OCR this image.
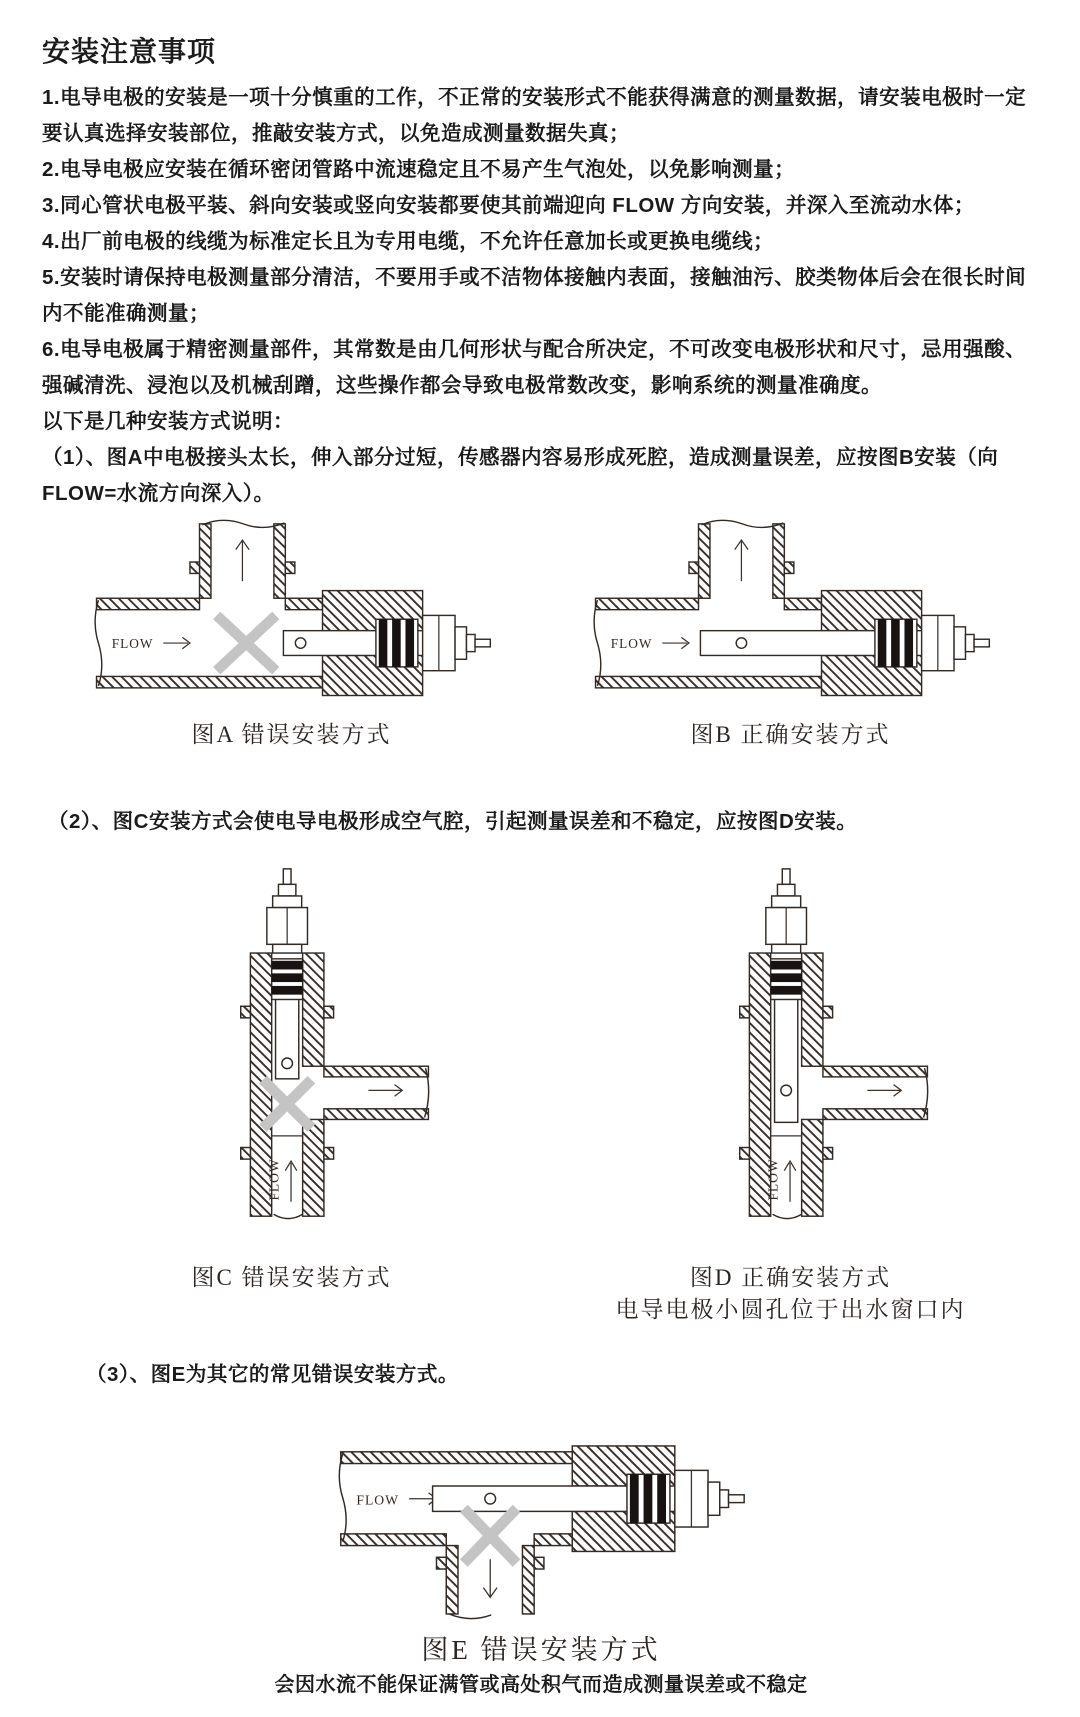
安装注意事项
1.电导电极的安装是一项十分慎重的工作，不正常的安装形式不能获得满意的测量数据，请安装电极时一定
要认真选择安装部位，推敲安装方式，以免造成测量数据失真；
2.电导电极应安装在循环密闭管路中流速稳定且不易产生气泡处，以免影响测量；
3.同心管状电极平装、斜向安装或竖向安装都要使其前端迎向 FLOW 方向安装，并深入至流动水体；
4.出厂前电极的线缆为标准定长且为专用电缆，不允许任意加长或更换电缆线；
5.安装时请保持电极测量部分清洁，不要用手或不洁物体接触内表面，接触油污、胶类物体后会在很长时间
内不能准确测量；
6.电导电极属于精密测量部件，其常数是由几何形状与配合所决定，不可改变电极形状和尺寸，忌用强酸、
强碱清洗、浸泡以及机械刮蹭，这些操作都会导致电极常数改变，影响系统的测量准确度。
以下是几种安装方式说明：
（1）、图A中电极接头太长，伸入部分过短，传感器内容易形成死腔，造成测量误差，应按图B安装（向
FLOW=水流方向深入）。
FLOW
图A 错误安装方式
FLOW
图B 正确安装方式
（2）、图C安装方式会使电导电极形成空气腔，引起测量误差和不稳定，应按图D安装。
FLOW
图C 错误安装方式
FLOW
图D 正确安装方式
电导电极小圆孔位于出水窗口内
（3）、图E为其它的常见错误安装方式。
FLOW
图E 错误安装方式
会因水流不能保证满管或高处积气而造成测量误差或不稳定
